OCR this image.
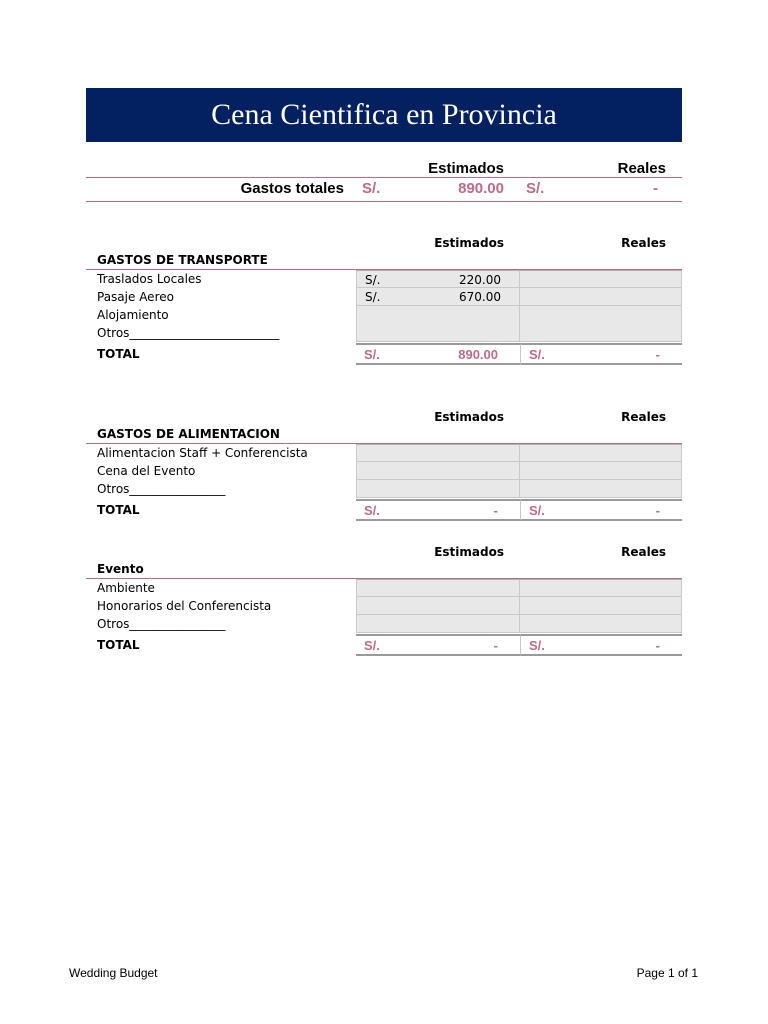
Cena Cientifica en Provincia
Estimados	Reales
Gastos totales S/.	890.00 S/.	-
Estimados	Reales
GASTOS DE TRANSPORTE
Traslados Locales	S/.	220.00
Pasaje Aereo	S/.	670.00
Alojamiento
Otros_________________________
TOTAL	S/.	890.00 S/.	-
Estimados	Reales
GASTOS DE ALIMENTACION
Alimentacion Staff + Conferencista
Cena del Evento
Otros________________
TOTAL	S/.	- S/.	-
Estimados	Reales
Evento
Ambiente
Honorarios del Conferencista
Otros________________
TOTAL	S/.	- S/.	-
Wedding Budget	Page 1 of 1
